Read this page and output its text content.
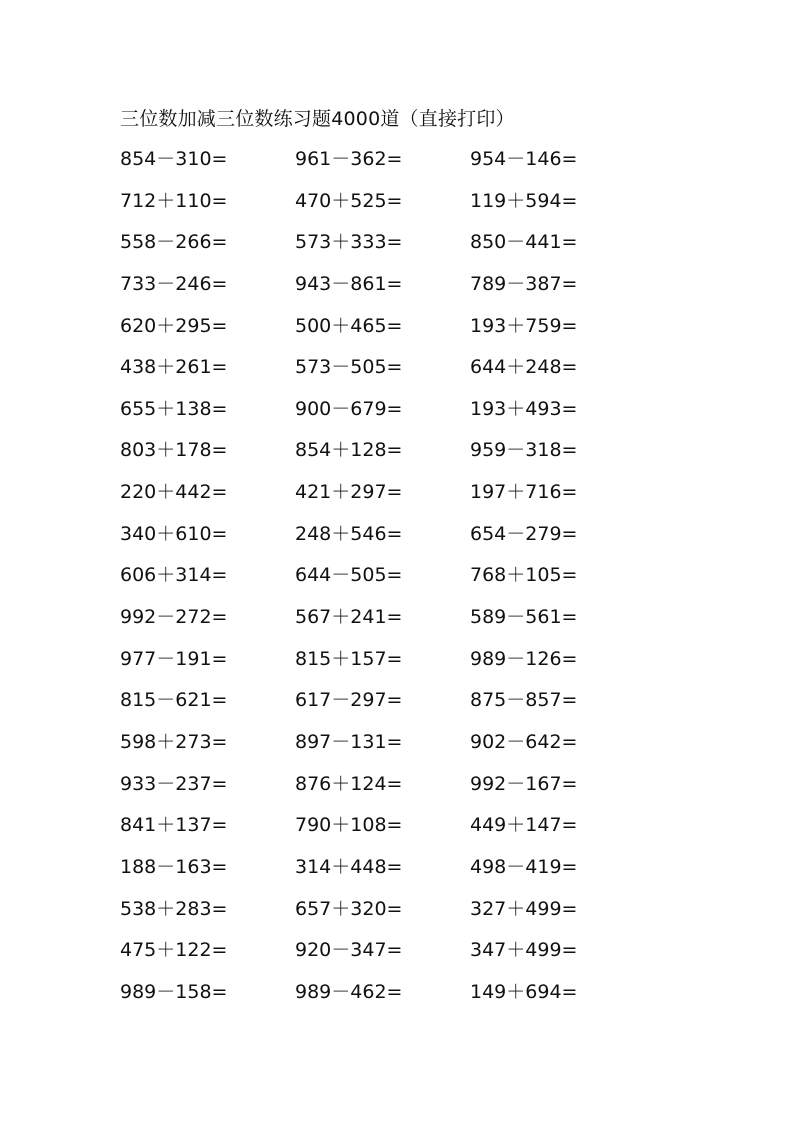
三位数加减三位数练习题4000道（直接打印）
854－310=	961－362=	954－146=
712＋110=	470＋525=	119＋594=
558－266=	573＋333=	850－441=
733－246=	943－861=	789－387=
620＋295=	500＋465=	193＋759=
438＋261=	573－505=	644＋248=
655＋138=	900－679=	193＋493=
803＋178=	854＋128=	959－318=
220＋442=	421＋297=	197＋716=
340＋610=	248＋546=	654－279=
606＋314=	644－505=	768＋105=
992－272=	567＋241=	589－561=
977－191=	815＋157=	989－126=
815－621=	617－297=	875－857=
598＋273=	897－131=	902－642=
933－237=	876＋124=	992－167=
841＋137=	790＋108=	449＋147=
188－163=	314＋448=	498－419=
538＋283=	657＋320=	327＋499=
475＋122=	920－347=	347＋499=
989－158=	989－462=	149＋694=
